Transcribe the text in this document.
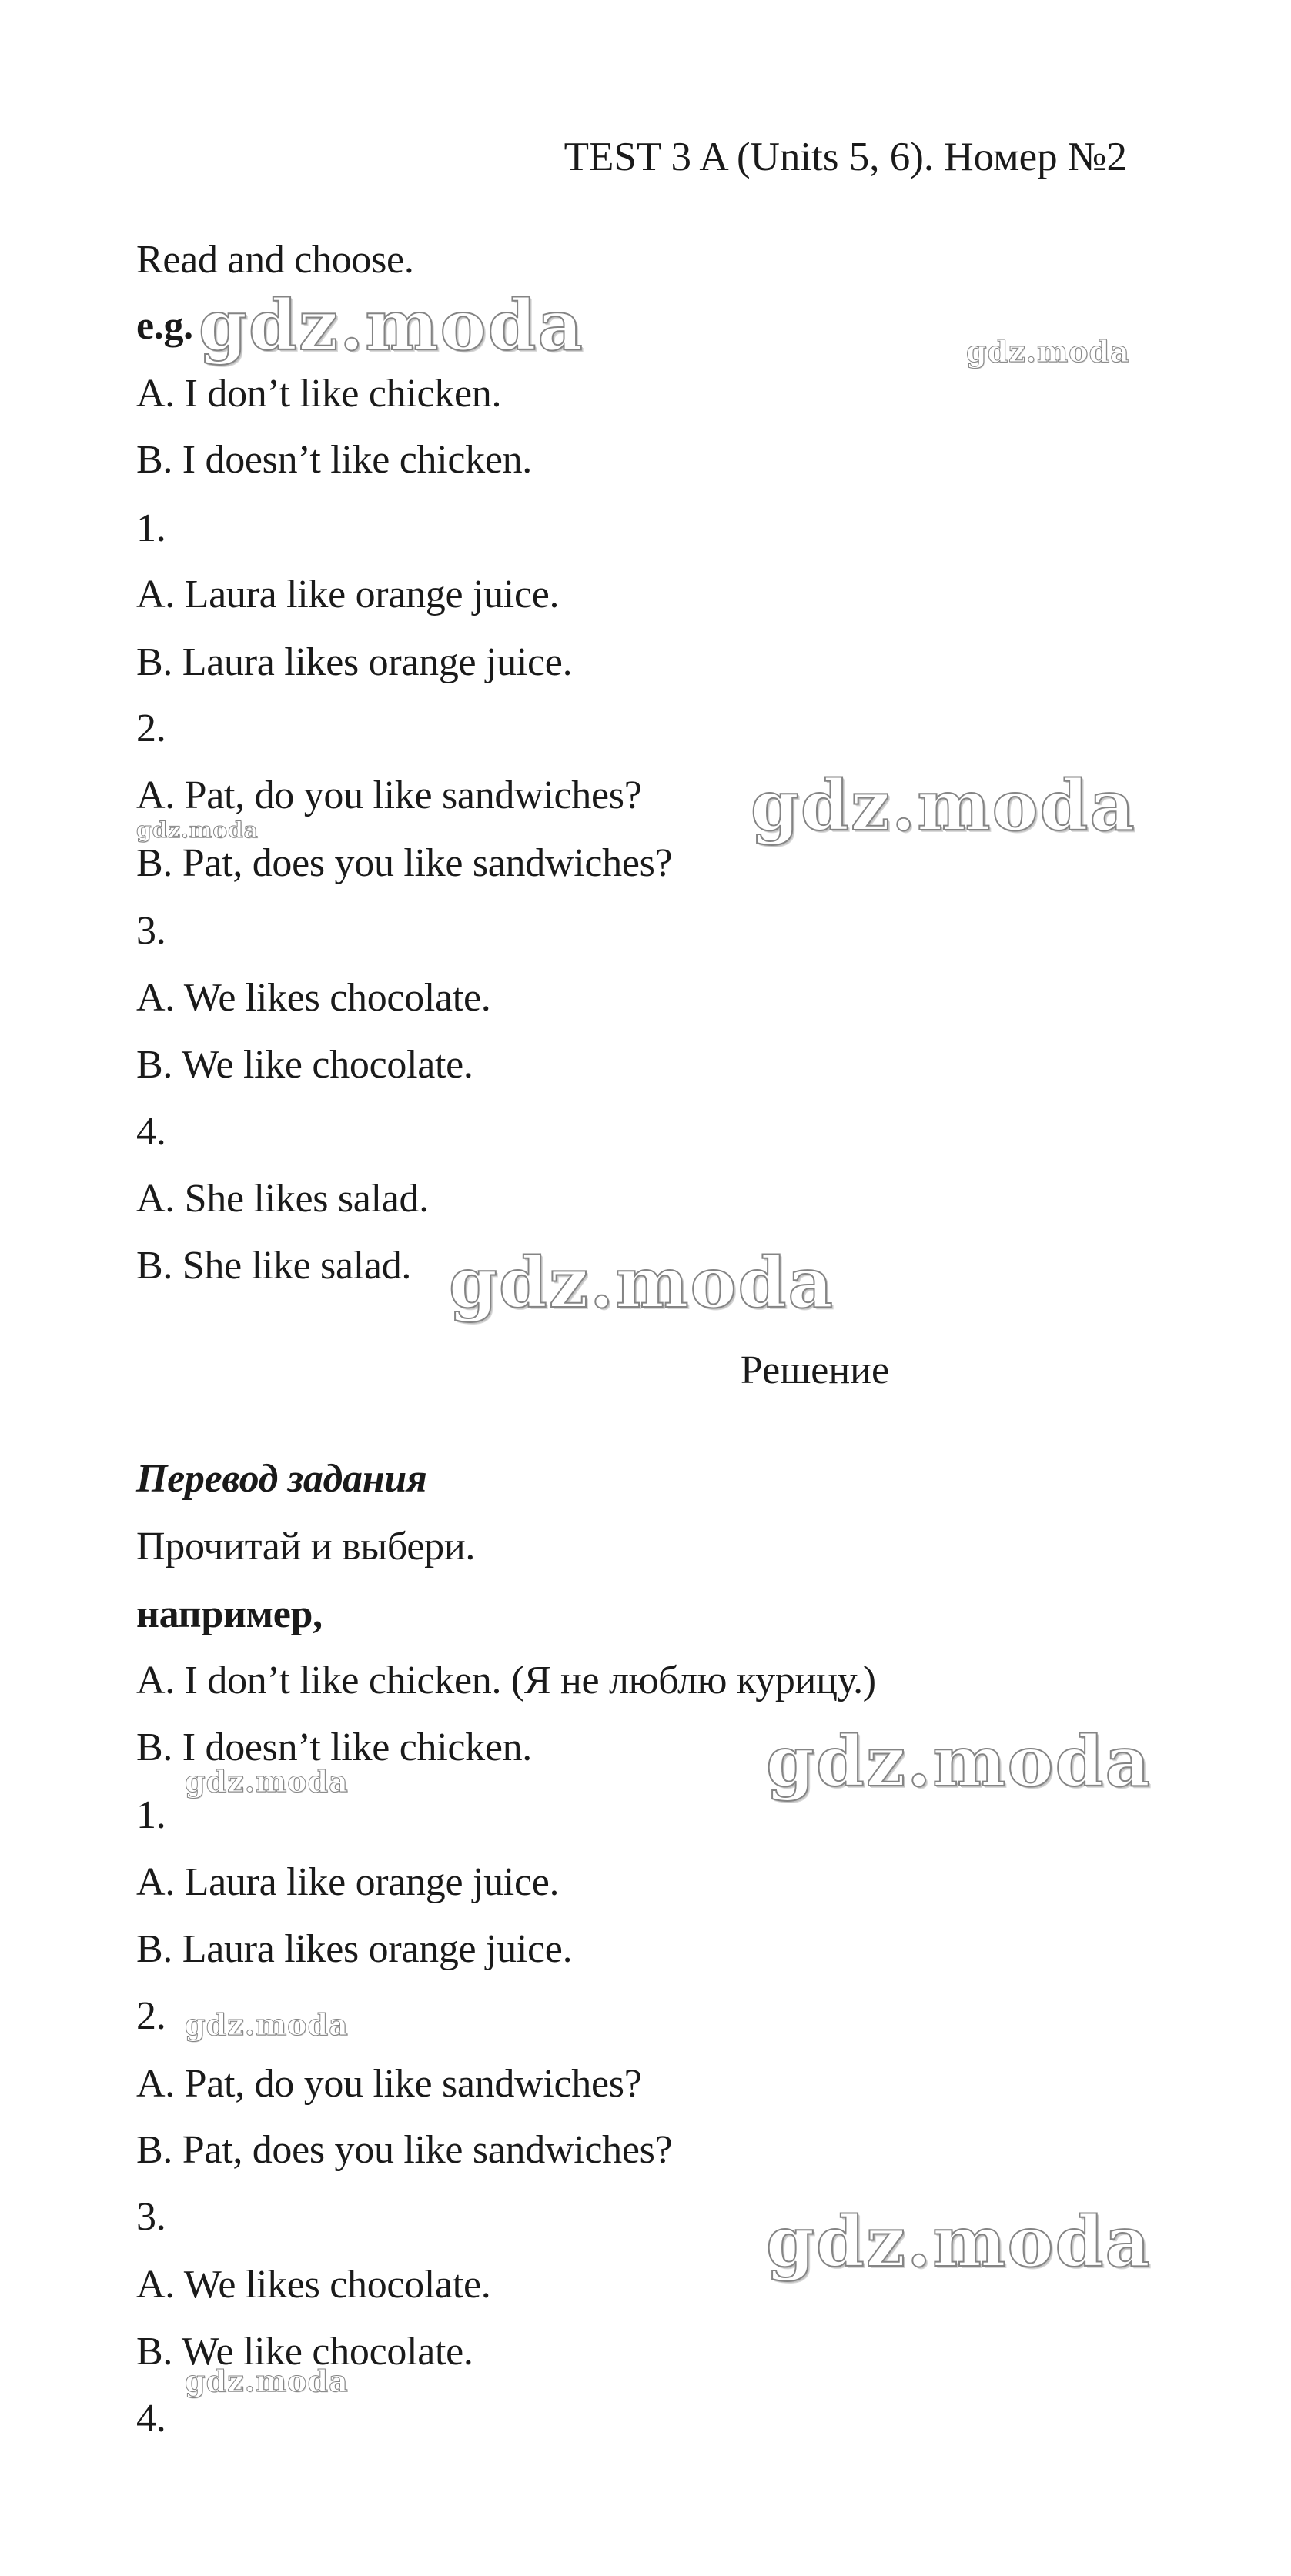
TEST 3 A (Units 5, 6). Номер №2
Read and choose.
e.g.
A. I don’t like chicken.
B. I doesn’t like chicken.
1.
A. Laura like orange juice.
B. Laura likes orange juice.
2.
A. Pat, do you like sandwiches?
B. Pat, does you like sandwiches?
3.
A. We likes chocolate.
B. We like chocolate.
4.
A. She likes salad.
B. She like salad.
Решение
Перевод задания
Прочитай и выбери.
например,
A. I don’t like chicken. (Я не люблю курицу.)
B. I doesn’t like chicken.
1.
A. Laura like orange juice.
B. Laura likes orange juice.
2.
A. Pat, do you like sandwiches?
B. Pat, does you like sandwiches?
3.
A. We likes chocolate.
B. We like chocolate.
4.
gdz.moda	gdz.moda
gdz.moda
gdz.moda
gdz.moda
gdz.moda
gdz.moda
gdz.moda
gdz.moda
gdz.moda
